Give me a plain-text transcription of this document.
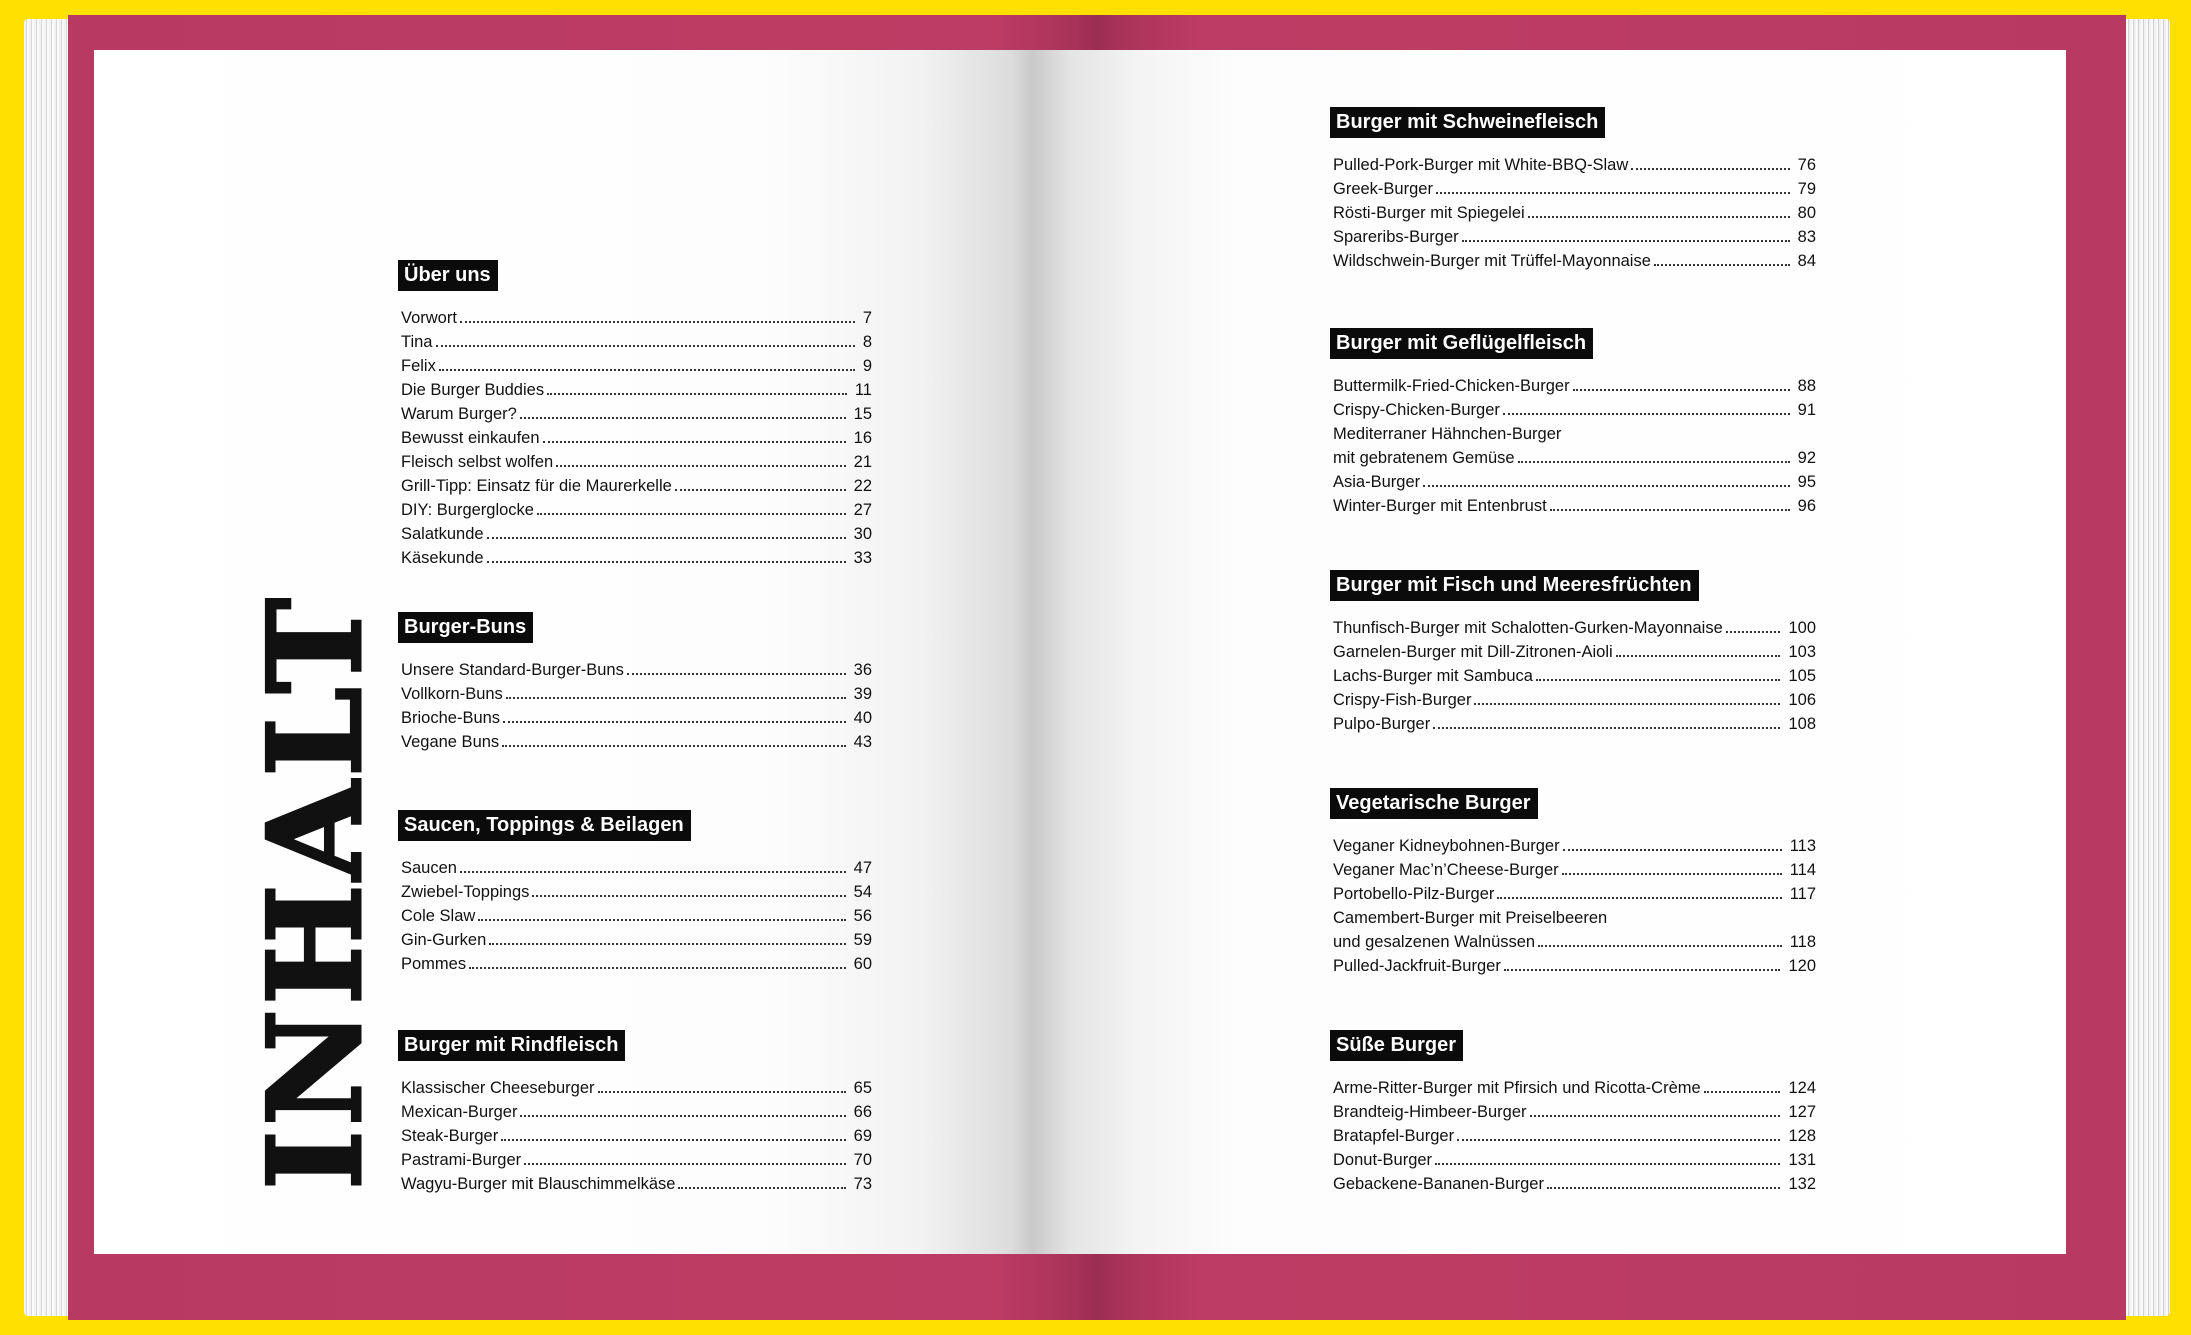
INHALT
Über uns
Vorwort	7
Tina	8
Felix	9
Die Burger Buddies	11
Warum Burger?	15
Bewusst einkaufen	16
Fleisch selbst wolfen	21
Grill-Tipp: Einsatz für die Maurerkelle	22
DIY: Burgerglocke	27
Salatkunde	30
Käsekunde	33
Burger-Buns
Unsere Standard-Burger-Buns	36
Vollkorn-Buns	39
Brioche-Buns	40
Vegane Buns	43
Saucen, Toppings & Beilagen
Saucen	47
Zwiebel-Toppings	54
Cole Slaw	56
Gin-Gurken	59
Pommes	60
Burger mit Rindfleisch
Klassischer Cheeseburger	65
Mexican-Burger	66
Steak-Burger	69
Pastrami-Burger	70
Wagyu-Burger mit Blauschimmelkäse	73
Burger mit Schweinefleisch
Pulled-Pork-Burger mit White-BBQ-Slaw	76
Greek-Burger	79
Rösti-Burger mit Spiegelei	80
Spareribs-Burger	83
Wildschwein-Burger mit Trüffel-Mayonnaise	84
Burger mit Geflügelfleisch
Buttermilk-Fried-Chicken-Burger	88
Crispy-Chicken-Burger	91
Mediterraner Hähnchen-Burger
mit gebratenem Gemüse	92
Asia-Burger	95
Winter-Burger mit Entenbrust	96
Burger mit Fisch und Meeresfrüchten
Thunfisch-Burger mit Schalotten-Gurken-Mayonnaise	100
Garnelen-Burger mit Dill-Zitronen-Aioli	103
Lachs-Burger mit Sambuca	105
Crispy-Fish-Burger	106
Pulpo-Burger	108
Vegetarische Burger
Veganer Kidneybohnen-Burger	113
Veganer Mac’n’Cheese-Burger	114
Portobello-Pilz-Burger	117
Camembert-Burger mit Preiselbeeren
und gesalzenen Walnüssen	118
Pulled-Jackfruit-Burger	120
Süße Burger
Arme-Ritter-Burger mit Pfirsich und Ricotta-Crème	124
Brandteig-Himbeer-Burger	127
Bratapfel-Burger	128
Donut-Burger	131
Gebackene-Bananen-Burger	132
